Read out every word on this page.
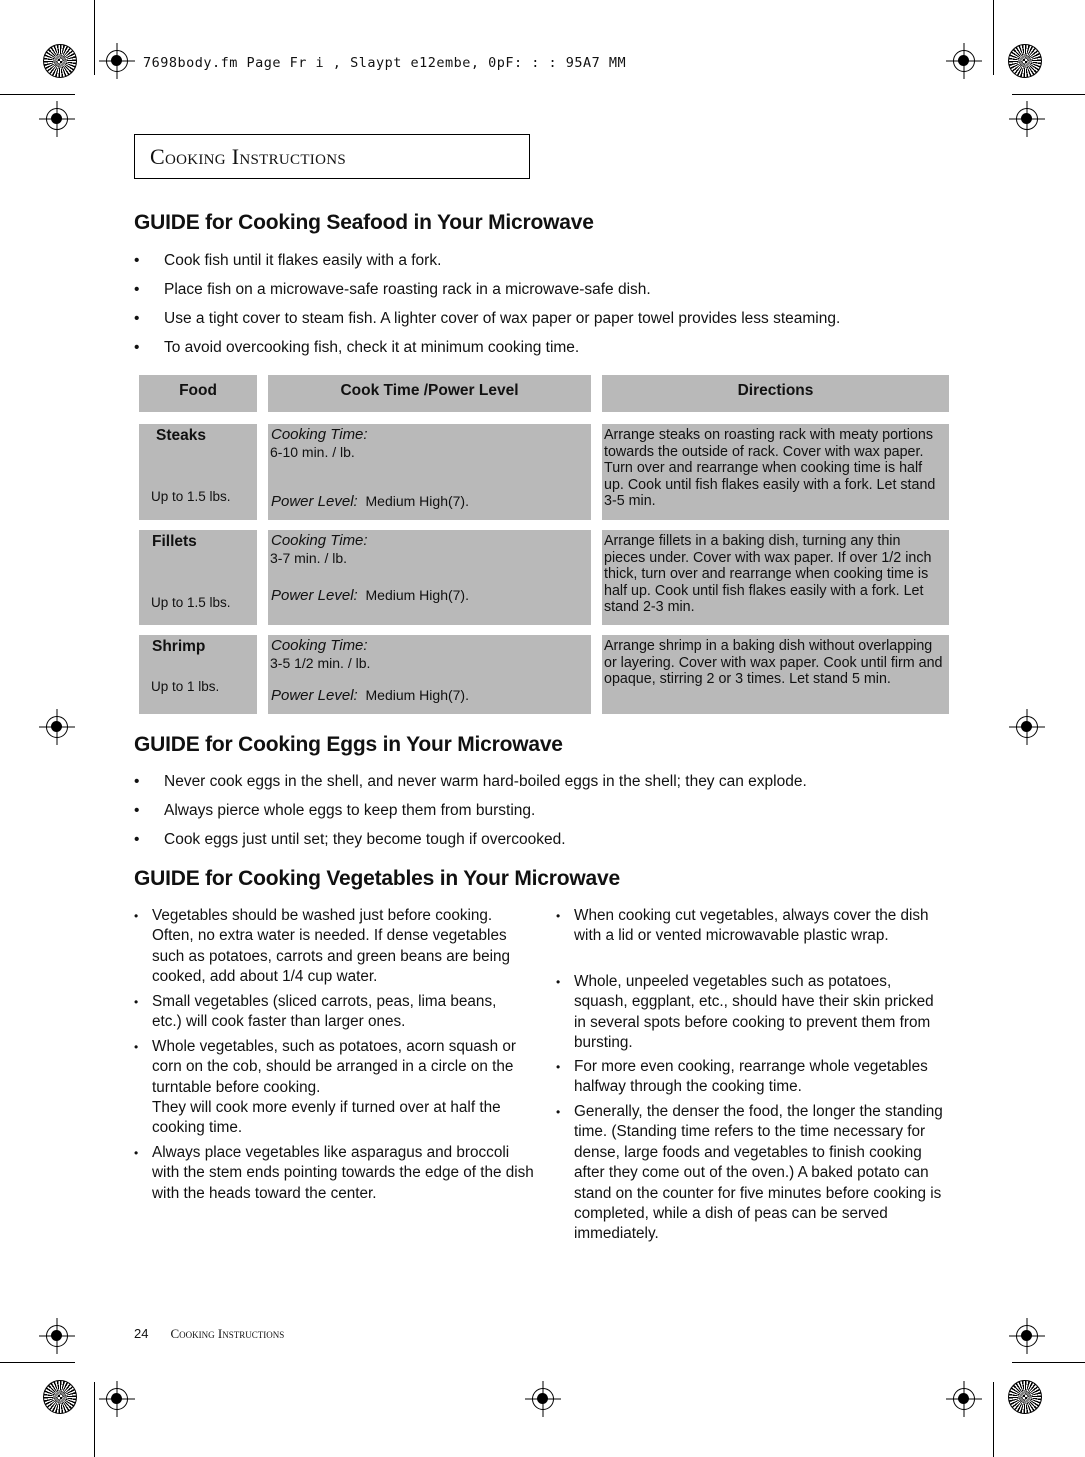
7698body.fm Page Fr i , Slaypt e12embe, 0pF: : : 95A7 MM
Cooking Instructions
GUIDE for Cooking Seafood in Your Microwave
• Cook fish until it flakes easily with a fork.
• Place fish on a microwave-safe roasting rack in a microwave-safe dish.
• Use a tight cover to steam fish. A lighter cover of wax paper or paper towel provides less steaming.
• To avoid overcooking fish, check it at minimum cooking time.
Food	Cook Time /Power Level	Directions
Steaks
Up to 1.5 lbs.
Cooking Time:
6-10 min. / lb.
Power Level: Medium High(7).
Arrange steaks on roasting rack with meaty portions towards the outside of rack. Cover with wax paper. Turn over and rearrange when cooking time is half up. Cook until fish flakes easily with a fork. Let stand 3-5 min.
Fillets
Up to 1.5 lbs.
Cooking Time:
3-7 min. / lb.
Power Level: Medium High(7).
Arrange fillets in a baking dish, turning any thin pieces under. Cover with wax paper. If over 1/2 inch thick, turn over and rearrange when cooking time is half up. Cook until fish flakes easily with a fork. Let stand 2-3 min.
Shrimp
Up to 1 lbs.
Cooking Time:
3-5 1/2 min. / lb.
Power Level: Medium High(7).
Arrange shrimp in a baking dish without overlapping or layering. Cover with wax paper. Cook until firm and opaque, stirring 2 or 3 times. Let stand 5 min.
GUIDE for Cooking Eggs in Your Microwave
• Never cook eggs in the shell, and never warm hard-boiled eggs in the shell; they can explode.
• Always pierce whole eggs to keep them from bursting.
• Cook eggs just until set; they become tough if overcooked.
GUIDE for Cooking Vegetables in Your Microwave
• Vegetables should be washed just before cooking. Often, no extra water is needed. If dense vegetables such as potatoes, carrots and green beans are being cooked, add about 1/4 cup water.
• Small vegetables (sliced carrots, peas, lima beans, etc.) will cook faster than larger ones.
• Whole vegetables, such as potatoes, acorn squash or corn on the cob, should be arranged in a circle on the turntable before cooking.
They will cook more evenly if turned over at half the cooking time.
• Always place vegetables like asparagus and broccoli with the stem ends pointing towards the edge of the dish with the heads toward the center.
• When cooking cut vegetables, always cover the dish with a lid or vented microwavable plastic wrap.
• Whole, unpeeled vegetables such as potatoes, squash, eggplant, etc., should have their skin pricked in several spots before cooking to prevent them from bursting.
• For more even cooking, rearrange whole vegetables halfway through the cooking time.
• Generally, the denser the food, the longer the standing time. (Standing time refers to the time necessary for dense, large foods and vegetables to finish cooking after they come out of the oven.) A baked potato can stand on the counter for five minutes before cooking is completed, while a dish of peas can be served immediately.
24 Cooking Instructions
